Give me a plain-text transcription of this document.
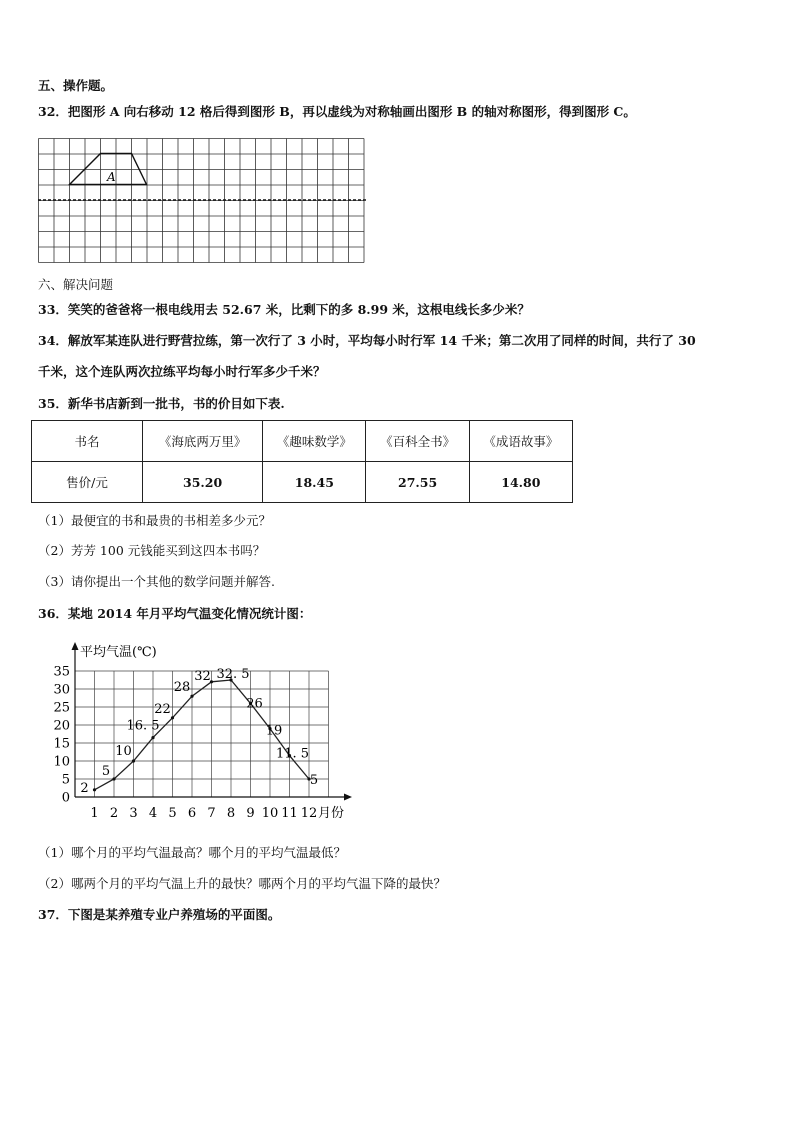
五、操作题。
32．把图形 A 向右移动 12 格后得到图形 B，再以虚线为对称轴画出图形 B 的轴对称图形，得到图形 C。
A
六、解决问题
33．笑笑的爸爸将一根电线用去 52.67 米，比剩下的多 8.99 米，这根电线长多少米？
34．解放军某连队进行野营拉练，第一次行了 3 小时，平均每小时行军 14 千米；第二次用了同样的时间，共行了 30
千米，这个连队两次拉练平均每小时行军多少千米？
35．新华书店新到一批书，书的价目如下表.
书名	《海底两万里》	《趣味数学》	《百科全书》	《成语故事》
售价/元	35.20	18.45	27.55	14.80
（1）最便宜的书和最贵的书相差多少元？
（2）芳芳 100 元钱能买到这四本书吗？
（3）请你提出一个其他的数学问题并解答.
36．某地 2014 年月平均气温变化情况统计图：
平均气温(℃)
月份
0
5
10
15
20
25
30
35
1 2 3 4 5 6 7 8 9 10 11 12
2
5
10
16. 5
22
28
32 32. 5
26
19
11. 5
5
（1）哪个月的平均气温最高？哪个月的平均气温最低？
（2）哪两个月的平均气温上升的最快？哪两个月的平均气温下降的最快？
37．下图是某养殖专业户养殖场的平面图。
